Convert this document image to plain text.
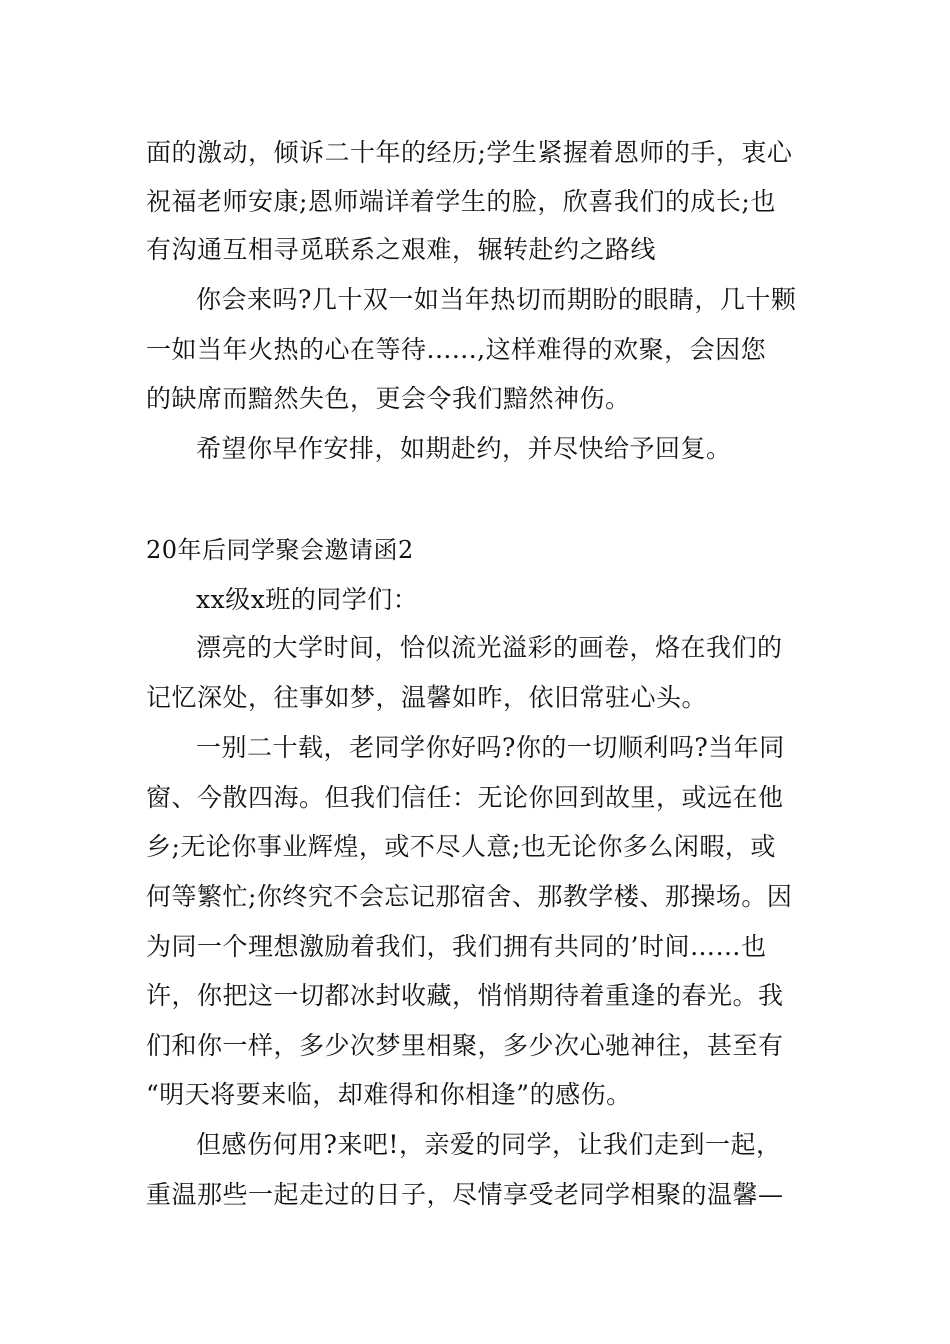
面的激动，倾诉二十年的经历;学生紧握着恩师的手，衷心
祝福老师安康;恩师端详着学生的脸，欣喜我们的成长;也
有沟通互相寻觅联系之艰难，辗转赴约之路线
你会来吗?几十双一如当年热切而期盼的眼睛，几十颗
一如当年火热的心在等待......,这样难得的欢聚，会因您
的缺席而黯然失色，更会令我们黯然神伤。
希望你早作安排，如期赴约，并尽快给予回复。
20年后同学聚会邀请函2
xx级x班的同学们：
漂亮的大学时间，恰似流光溢彩的画卷，烙在我们的
记忆深处，往事如梦，温馨如昨，依旧常驻心头。
一别二十载，老同学你好吗?你的一切顺利吗?当年同
窗、今散四海。但我们信任：无论你回到故里，或远在他
乡;无论你事业辉煌，或不尽人意;也无论你多么闲暇，或
何等繁忙;你终究不会忘记那宿舍、那教学楼、那操场。因
为同一个理想激励着我们，我们拥有共同的’时间……也
许，你把这一切都冰封收藏，悄悄期待着重逢的春光。我
们和你一样，多少次梦里相聚，多少次心驰神往，甚至有
“明天将要来临，却难得和你相逢”的感伤。
但感伤何用?来吧!，亲爱的同学，让我们走到一起，
重温那些一起走过的日子，尽情享受老同学相聚的温馨—
